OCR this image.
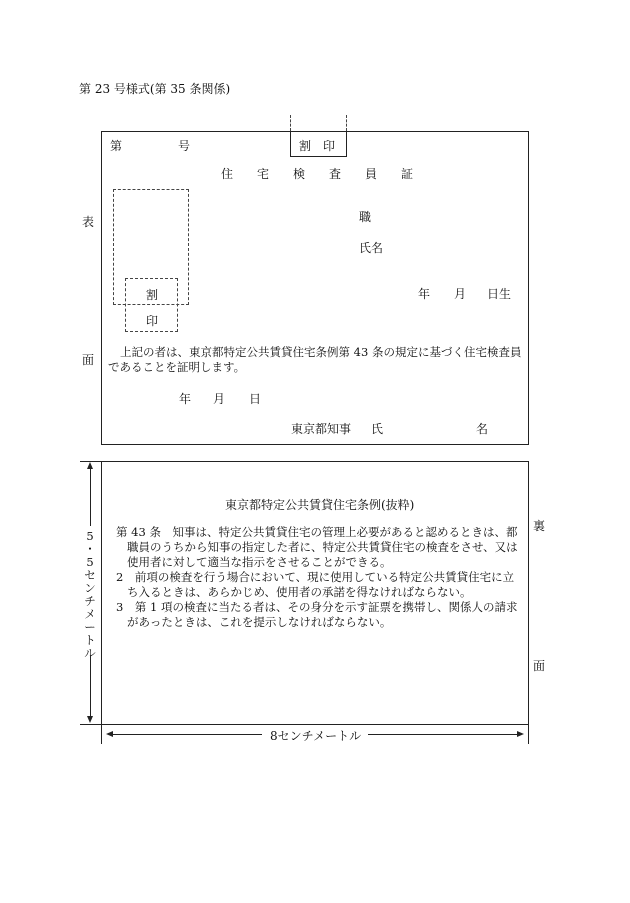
第 23 号様式(第 35 条関係)
表
面
第	号	割　印
住宅検査員証
割
印
職
氏名
年 月 日生
上記の者は、東京都特定公共賃貸住宅条例第 43 条の規定に基づく住宅検査員
であることを証明します。
年 月 日
東京都知事 氏	名
裏
面
東京都特定公共賃貸住宅条例(抜粋)
第 43 条　知事は、特定公共賃貸住宅の管理上必要があると認めるときは、都
職員のうちから知事の指定した者に、特定公共賃貸住宅の検査をさせ、又は
使用者に対して適当な指示をさせることができる。
2　前項の検査を行う場合において、現に使用している特定公共賃貸住宅に立
ち入るときは、あらかじめ、使用者の承諾を得なければならない。
3　第 1 項の検査に当たる者は、その身分を示す証票を携帯し、関係人の請求
があったときは、これを提示しなければならない。
5
・
5
セ
ン
チ
メ
ー
ト
ル
8センチメートル
